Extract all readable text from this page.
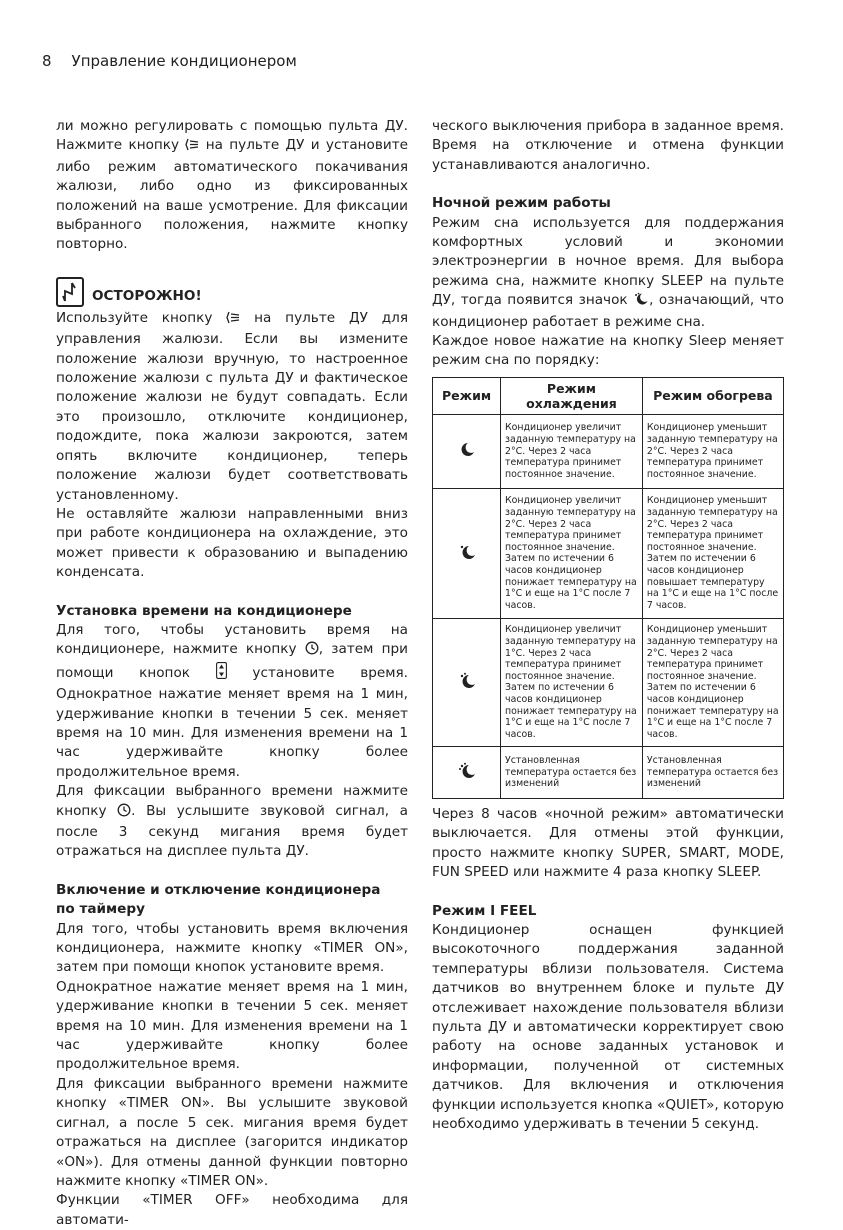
8 Управление кондиционером

ли можно регулировать с помощью пульта ДУ. Нажмите кнопку  на пульте ДУ и установите либо режим автоматического покачивания жалюзи, либо одно из фиксированных положений на ваше усмотрение. Для фиксации выбранного положения, нажмите кнопку повторно.

ОСТОРОЖНО!

Используйте кнопку  на пульте ДУ для управления жалюзи. Если вы измените положение жалюзи вручную, то настроенное положение жалюзи с пульта ДУ и фактическое положение жалюзи не будут совпадать. Если это произошло, отключите кондиционер, подождите, пока жалюзи закроются, затем опять включите кондиционер, теперь положение жалюзи будет соответствовать установленному.

Не оставляйте жалюзи направленными вниз при работе кондиционера на охлаждение, это может привести к образованию и выпадению конденсата.

Установка времени на кондиционере

Для того, чтобы установить время на кондиционере, нажмите кнопку , затем при помощи кнопок  установите время. Однократное нажатие меняет время на 1 мин, удерживание кнопки в течении 5 сек. меняет время на 10 мин. Для изменения времени на 1 час удерживайте кнопку более продолжительное время.

Для фиксации выбранного времени нажмите кнопку . Вы услышите звуковой сигнал, а после 3 секунд мигания время будет отражаться на дисплее пульта ДУ.

Включение и отключение кондиционера
по таймеру

Для того, чтобы установить время включения кондиционера, нажмите кнопку «TIMER ON», затем при помощи кнопок установите время.

Однократное нажатие меняет время на 1 мин, удерживание кнопки в течении 5 сек. меняет время на 10 мин. Для изменения времени на 1 час удерживайте кнопку более продолжительное время.

Для фиксации выбранного времени нажмите кнопку «TIMER ON». Вы услышите звуковой сигнал, а после 5 сек. мигания время будет отражаться на дисплее (загорится индикатор «ON»). Для отмены данной функции повторно нажмите кнопку «TIMER ON».

Функции «TIMER OFF» необходима для автомати-

ческого выключения прибора в заданное время. Время на отключение и отмена функции устанавливаются аналогично.

Ночной режим работы

Режим сна используется для поддержания комфортных условий и экономии электроэнергии в ночное время. Для выбора режима сна, нажмите кнопку SLEEP на пульте ДУ, тогда появится значок , означающий, что кондиционер работает в режиме сна.

Каждое новое нажатие на кнопку Sleep меняет режим сна по порядку:

Режим	Режим охлаждения	Режим обогрева
	Кондиционер увеличит заданную температуру на 2°С. Через 2 часа температура принимет постоянное значение.	Кондиционер уменьшит заданную температуру на 2°С. Через 2 часа температура принимет постоянное значение.
	Кондиционер увеличит заданную температуру на 2°С. Через 2 часа температура принимет постоянное значение. Затем по истечении 6 часов кондиционер понижает температуру на 1°С и еще на 1°С после 7 часов.	Кондиционер уменьшит заданную температуру на 2°С. Через 2 часа температура принимет постоянное значение. Затем по истечении 6 часов кондиционер повышает температуру на 1°С и еще на 1°С после 7 часов.
	Кондиционер увеличит заданную температуру на 1°С. Через 2 часа температура принимет постоянное значение. Затем по истечении 6 часов кондиционер понижает температуру на 1°С и еще на 1°С после 7 часов.	Кондиционер уменьшит заданную температуру на 2°С. Через 2 часа температура принимет постоянное значение. Затем по истечении 6 часов кондиционер понижает температуру на 1°С и еще на 1°С после 7 часов.
	Установленная температура остается без изменений	Установленная температура остается без изменений

Через 8 часов «ночной режим» автоматически выключается. Для отмены этой функции, просто нажмите кнопку SUPER, SMART, MODE, FUN SPEED или нажмите 4 раза кнопку SLEEP.

Режим I FEEL

Кондиционер оснащен функцией высокоточного поддержания заданной температуры вблизи пользователя. Система датчиков во внутреннем блоке и пульте ДУ отслеживает нахождение пользователя вблизи пульта ДУ и автоматически корректирует свою работу на основе заданных установок и информации, полученной от системных датчиков. Для включения и отключения функции используется кнопка «QUIET», которую необходимо удерживать в течении 5 секунд.
